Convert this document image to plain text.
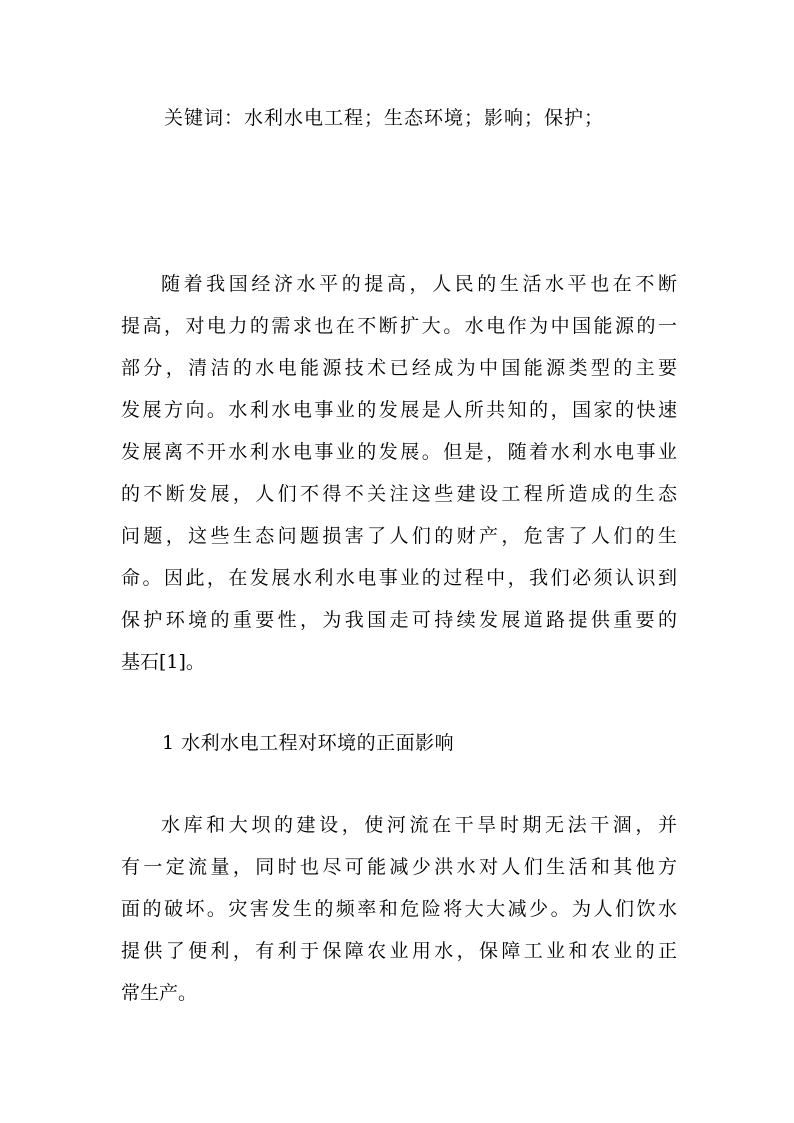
关键词：水利水电工程；生态环境；影响；保护；
随着我国经济水平的提高，人民的生活水平也在不断
提高，对电力的需求也在不断扩大。水电作为中国能源的一
部分，清洁的水电能源技术已经成为中国能源类型的主要
发展方向。水利水电事业的发展是人所共知的，国家的快速
发展离不开水利水电事业的发展。但是，随着水利水电事业
的不断发展，人们不得不关注这些建设工程所造成的生态
问题，这些生态问题损害了人们的财产，危害了人们的生
命。因此，在发展水利水电事业的过程中，我们必须认识到
保护环境的重要性，为我国走可持续发展道路提供重要的
基石[1]。
1 水利水电工程对环境的正面影响
水库和大坝的建设，使河流在干旱时期无法干涸，并
有一定流量，同时也尽可能减少洪水对人们生活和其他方
面的破坏。灾害发生的频率和危险将大大减少。为人们饮水
提供了便利，有利于保障农业用水，保障工业和农业的正
常生产。
